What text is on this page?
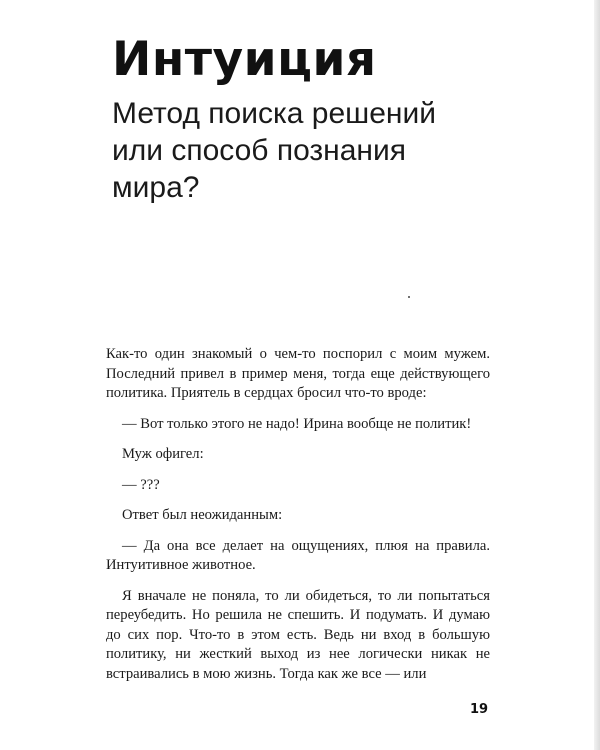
Интуиция
Метод поиска решений или способ познания мира?

Как-то один знакомый о чем-то поспорил с моим мужем. Последний привел в пример меня, тогда еще действующего политика. Приятель в сердцах бросил что-то вроде:

— Вот только этого не надо! Ирина вообще не политик!

Муж офигел:

— ???

Ответ был неожиданным:

— Да она все делает на ощущениях, плюя на правила. Интуитивное животное.

Я вначале не поняла, то ли обидеться, то ли попытаться переубедить. Но решила не спешить. И подумать. И думаю до сих пор. Что-то в этом есть. Ведь ни вход в большую политику, ни жесткий выход из нее логически никак не встраивались в мою жизнь. Тогда как же все — или

19
